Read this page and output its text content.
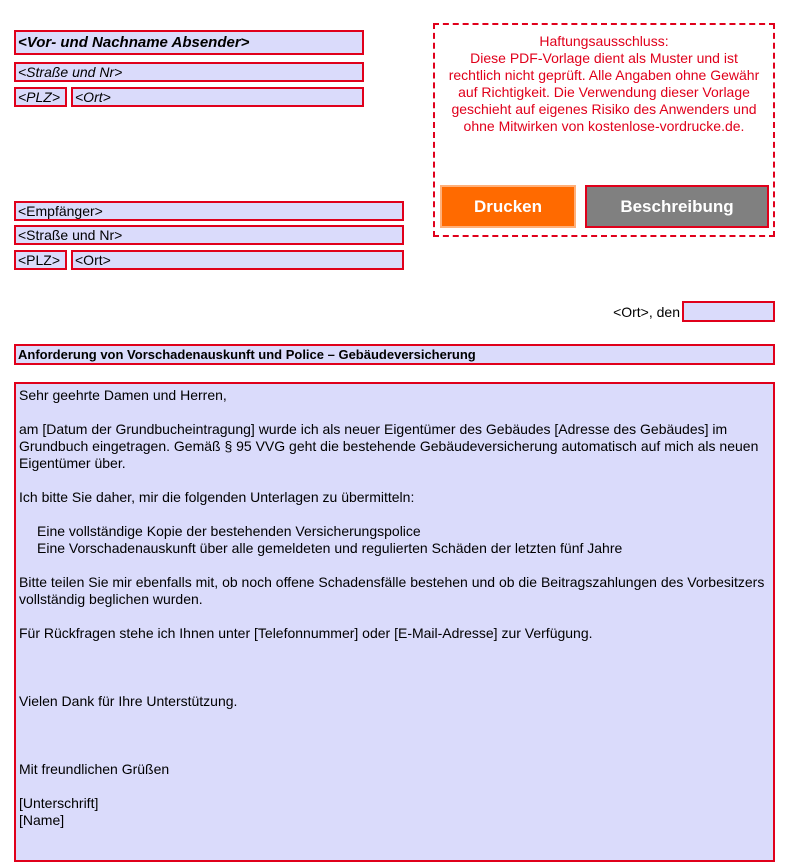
<Vor- und Nachname Absender>
<Straße und Nr>
<PLZ>	<Ort>
Haftungsausschluss:
Diese PDF-Vorlage dient als Muster und ist rechtlich nicht geprüft. Alle Angaben ohne Gewähr auf Richtigkeit. Die Verwendung dieser Vorlage geschieht auf eigenes Risiko des Anwenders und ohne Mitwirken von kostenlose-vordrucke.de.
Drucken	Beschreibung
<Empfänger>
<Straße und Nr>
<PLZ>	<Ort>
<Ort>, den
Anforderung von Vorschadenauskunft und Police – Gebäudeversicherung

Sehr geehrte Damen und Herren,

am [Datum der Grundbucheintragung] wurde ich als neuer Eigentümer des Gebäudes [Adresse des Gebäudes] im Grundbuch eingetragen. Gemäß § 95 VVG geht die bestehende Gebäudeversicherung automatisch auf mich als neuen Eigentümer über.

Ich bitte Sie daher, mir die folgenden Unterlagen zu übermitteln:

Eine vollständige Kopie der bestehenden Versicherungspolice

Eine Vorschadenauskunft über alle gemeldeten und regulierten Schäden der letzten fünf Jahre

Bitte teilen Sie mir ebenfalls mit, ob noch offene Schadensfälle bestehen und ob die Beitragszahlungen des Vorbesitzers vollständig beglichen wurden.

Für Rückfragen stehe ich Ihnen unter [Telefonnummer] oder [E-Mail-Adresse] zur Verfügung.

Vielen Dank für Ihre Unterstützung.

Mit freundlichen Grüßen

[Unterschrift]

[Name]
